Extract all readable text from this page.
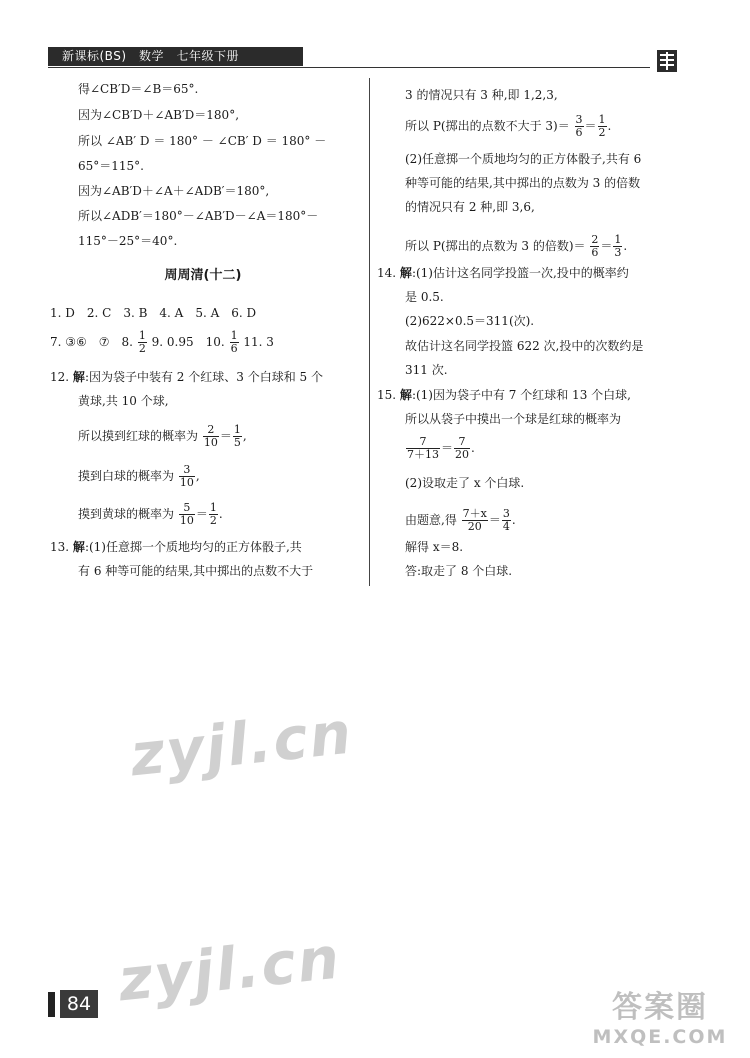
新课标(BS)　数学　七年级下册
得∠CB′D＝∠B＝65°.
因为∠CB′D＋∠AB′D＝180°,
所以 ∠AB′ D ＝ 180° － ∠CB′ D ＝ 180° －
65°＝115°.
因为∠AB′D＋∠A＋∠ADB′＝180°,
所以∠ADB′＝180°－∠AB′D－∠A＝180°－
115°－25°＝40°.
周周清(十二)
1. D　2. C　3. B　4. A　5. A　6. D
7. ③⑥　⑦　8. $\frac{1}{2} 9$. 0.95　10. $\frac{1}{6} 11$. 3
12. 解:因为袋子中装有 2 个红球、3 个白球和 5 个
黄球,共 10 个球,
所以摸到红球的概率为 $\frac{2}{10} = \frac{1}{5}$ ,
摸到白球的概率为 $\frac{3}{10}$ ,
摸到黄球的概率为 $\frac{5}{10} = \frac{1}{2}$ .
13. 解:(1)任意掷一个质地均匀的正方体骰子,共
有 6 种等可能的结果,其中掷出的点数不大于
3 的情况只有 3 种,即 1,2,3,
所以 P(掷出的点数不大于 $3)= \frac{3}{6} = \frac{1}{2}$ .
(2)任意掷一个质地均匀的正方体骰子,共有 6
种等可能的结果,其中掷出的点数为 3 的倍数
的情况只有 2 种,即 3,6,
所以 P(掷出的点数为 3 的倍数)＝ $\frac{2}{6} = \frac{1}{3}$ .
14. 解:(1)估计这名同学投篮一次,投中的概率约
是 0.5.
(2)622×0.5＝311(次).
故估计这名同学投篮 622 次,投中的次数约是
311 次.
15. 解:(1)因为袋子中有 7 个红球和 13 个白球,
所以从袋子中摸出一个球是红球的概率为
$\frac{7}{7+13} = \frac{7}{20}$ .
(2)设取走了 x 个白球.
由题意,得 $\frac{7+x}{20} = \frac{3}{4}$ .
解得 x＝8.
答:取走了 8 个白球.
zyjl.cn
zyjl.cn
84	答案圈
MXQE.COM
